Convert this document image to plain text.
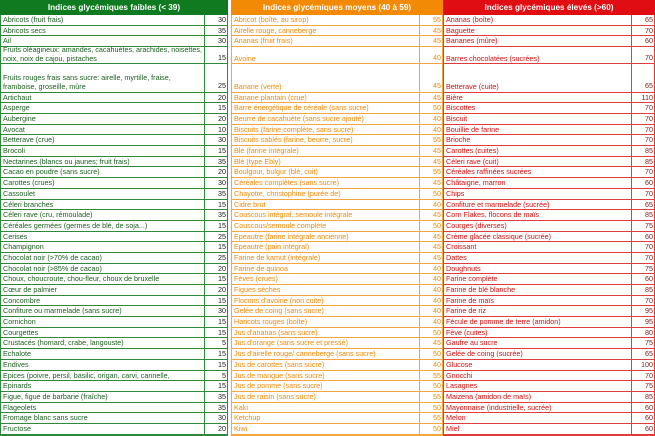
Indices glycémiques faibles (< 39)
Abricots (fruit frais)	30
Abricots secs	35
Ail	30
Fruits oléagineux: amandes, cacahuètes, arachides, noisettes, noix, noix de cajou, pistaches	15
Fruits rouges frais sans sucre: airelle, myrtille, fraise, framboise, groseille, mûre	25
Artichaut	20
Asperge	15
Aubergine	20
Avocat	10
Betterave (crue)	30
Brocoli	15
Nectarines (blancs ou jaunes; fruit frais)	35
Cacao en poudre (sans sucre)	20
Carottes (crues)	30
Cassoulet	35
Céleri branches	15
Céleri rave (cru, rémoulade)	35
Céréales germées (germes de blé, de soja...)	15
Cerises	25
Champignon	15
Chocolat noir (>70% de cacao)	25
Chocolat noir (>85% de cacao)	20
Choux, choucroute, chou-fleur, choux de bruxelle	15
Cœur de palmier	20
Concombre	15
Confiture ou marmelade (sans sucre)	30
Cornichon	15
Courgettes	15
Crustacés (homard, crabe, langouste)	5
Echalote	15
Endives	15
Epices (poivre, persil, basilic, origan, carvi, cannelle,	5
Epinards	15
Figue, figue de barbarie (fraîche)	35
Flageolets	35
Fromage blanc sans sucre	30
Fructose	20
Indices glycémiques moyens (40 à 59)
Abricot (boîte, au sirop)	55
Airelle rouge, canneberge	45
Ananas (fruit frais)	45
Avoine	40
Banane (verte)	45
Banane plantain (crue)	45
Barre énergétique de céréale (sans sucre)	50
Beurre de cacahuète (sans sucre ajouté)	40
Biscuits (farine complète, sans sucre)	40
Biscuits sablés (farine, beurre, sucre)	55
Blé (farine intégrale)	45
Blé (type Ebly)	45
Boulgour, bulgur (blé, cuit)	55
Céréales complètes (sans sucre)	45
Chayotte, christophine (purée de)	50
Cidre brut	40
Couscous intégral, semoule intégrale	45
Couscous/semoule complète	50
Epeautre (farine intégrale ancienne)	45
Epeautre (pain intégral)	45
Farine de kamut (intégrale)	45
Farine de quinoa	40
Fèves (crues)	40
Figues sèches	40
Flocons d'avoine (non cuite)	40
Gelée de coing (sans sucre)	40
Haricots rouges (boîte)	40
Jus d'ananas (sans sucre)	50
Jus d'orange (sans sucre et pressé)	45
Jus d'airelle rouge/ canneberge (sans sucre)	50
Jus de carottes (sans sucre)	40
Jus de mangue (sans sucre)	55
Jus de pomme (sans sucre)	50
Jus de raisin (sans sucre)	55
Kaki	50
Ketchup	55
Kiwi	50
Indices glycémiques élevés (>60)
Ananas (boîte)	65
Baguette	70
Bananes (mûre)	60
Barres chocolatées (sucrées)	70
Betterave (cuite)	65
Bière	110
Biscottes	70
Biscuit	70
Bouillie de farine	70
Brioche	70
Carottes (cuites)	85
Céleri rave (cuit)	85
Céréales raffinées sucrées	70
Châtaigne, marron	60
Chips	70
Confiture et marmelade (sucrée)	65
Corn Flakes, flocons de maïs	85
Courges (diverses)	75
Crème glacée classique (sucrée)	60
Croissant	70
Dattes	70
Doughnuts	75
Farine complète	60
Farine de blé blanche	85
Farine de maïs	70
Farine de riz	95
Fécule de pomme de terre (amidon)	95
Fève (cuites)	80
Gaufre au sucre	75
Gelée de coing (sucrée)	65
Glucose	100
Gnocchi	70
Lasagnes	75
Maizena (amidon de maïs)	85
Mayonnaise (industrielle, sucrée)	60
Melon	60
Miel	60
